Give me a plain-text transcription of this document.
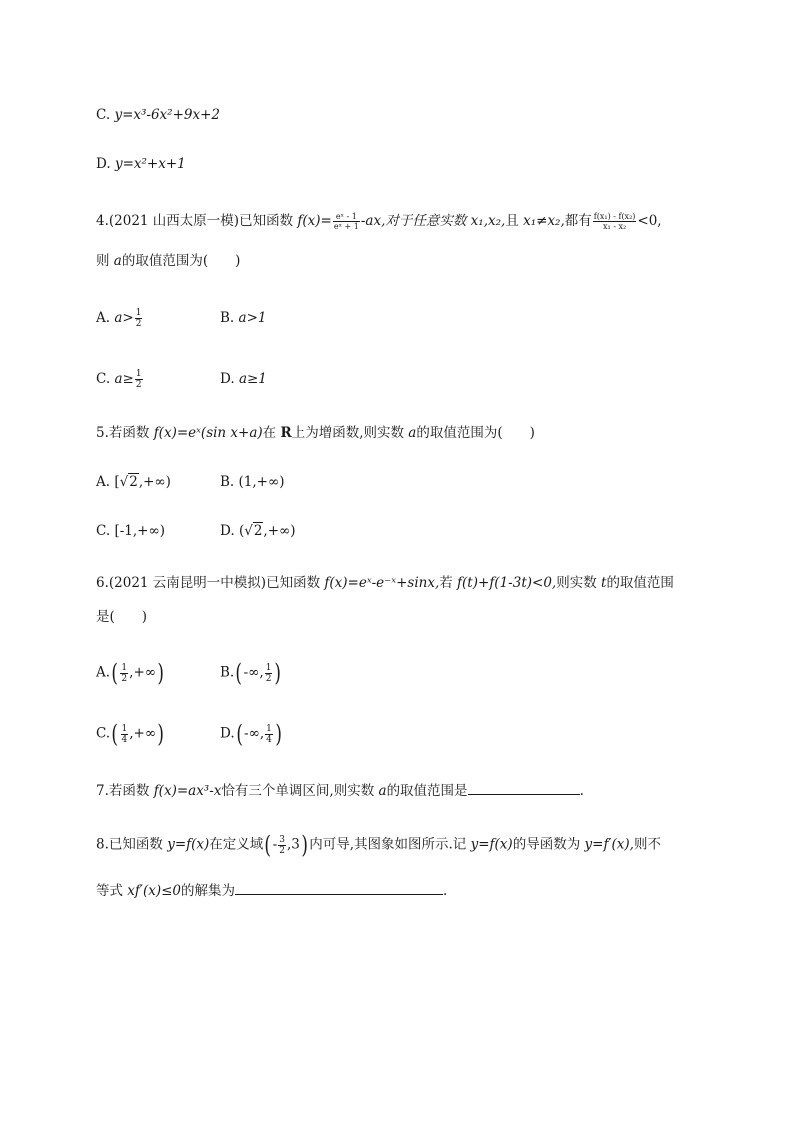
C. y=x³-6x²+9x+2
D. y=x²+x+1
4.(2021 山西太原一模)已知函数 $f(x)= \frac{\text{eˣ - 1}}{\text{eˣ + 1}} -ax$,对于任意实数 x₁,x₂,且 x₁≠x₂,都有 $\frac{\text{f(x₁) - f(x₂)}}{\text{x₁ - x₂}} <0$,
则 a的取值范围为(　　)
A. $a> \frac{1}{2}$	B. a>1
C. $a\ge \frac{1}{2}$	D. a≥1
5.若函数 f(x)=eˣ(sin x+a)在 R上为增函数,则实数 a的取值范围为(　　)
A. [√2,+∞)	B. (1,+∞)
C. [-1,+∞)	D. (√2,+∞)
6.(2021 云南昆明一中模拟)已知函数 f(x)=eˣ-e⁻ˣ+sinx,若 f(t)+f(1-3t)<0,则实数 t的取值范围
是(　　)
$A.( \frac{1}{2}$ ,+∞)	B.(-∞, $\frac{1}{2}$ )
$C.( \frac{1}{4}$ ,+∞)	D.(-∞, $\frac{1}{4}$ )
7.若函数 f(x)=ax³-x恰有三个单调区间,则实数 a的取值范围是	.
8.已知函数 y=f(x)在定义域(- $\frac{3}{2} ,3$)内可导,其图象如图所示.记 y=f(x)的导函数为 y=f′(x),则不
等式 xf′(x)≤0的解集为	.
